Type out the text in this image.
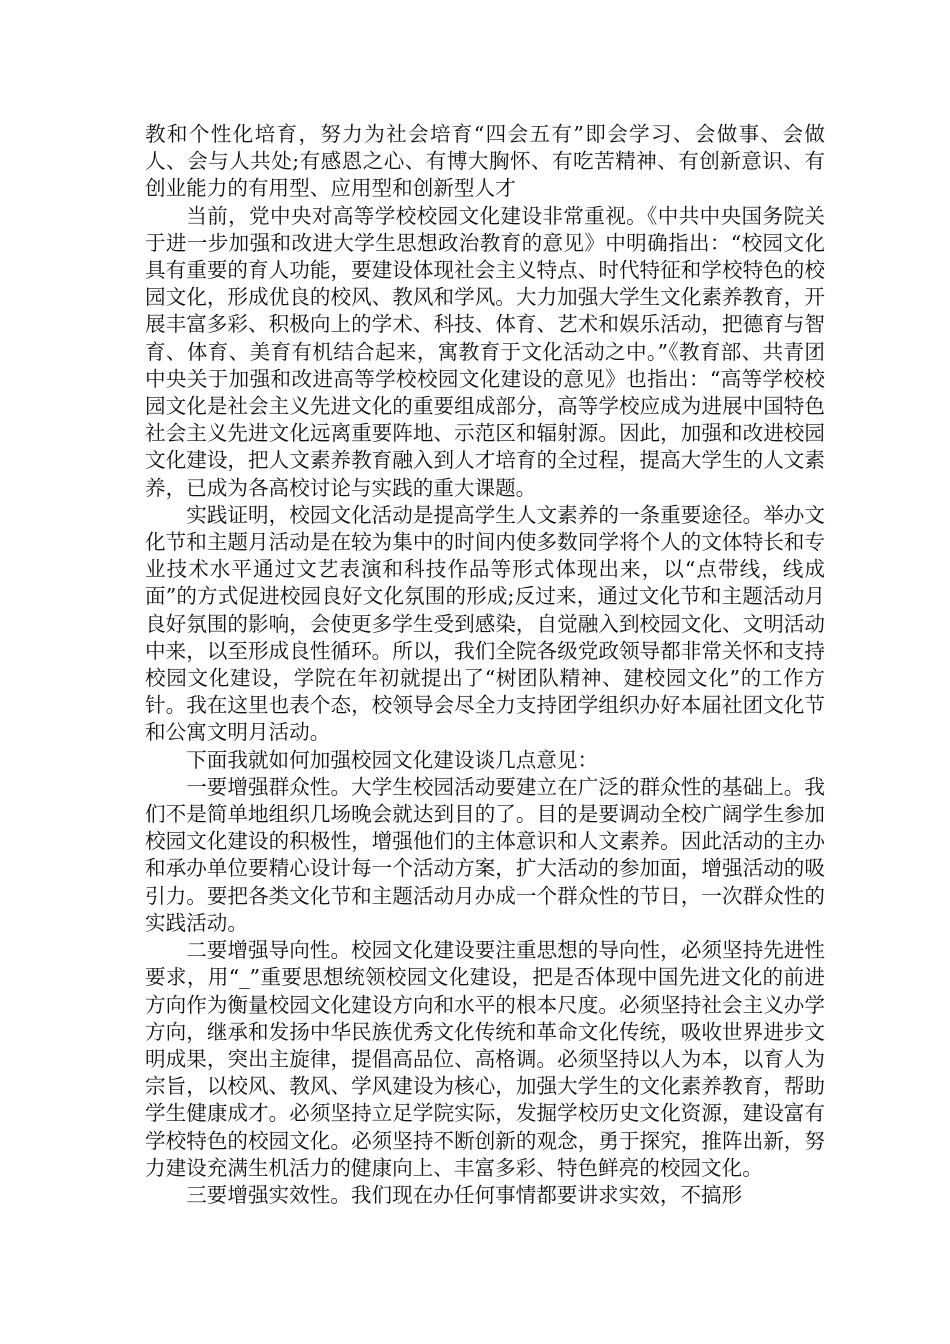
教和个性化培育，努力为社会培育“四会五有”即会学习、会做事、会做人、会与人共处;有感恩之心、有博大胸怀、有吃苦精神、有创新意识、有创业能力的有用型、应用型和创新型人才

当前，党中央对高等学校校园文化建设非常重视。《中共中央国务院关于进一步加强和改进大学生思想政治教育的意见》中明确指出：“校园文化具有重要的育人功能，要建设体现社会主义特点、时代特征和学校特色的校园文化，形成优良的校风、教风和学风。大力加强大学生文化素养教育，开展丰富多彩、积极向上的学术、科技、体育、艺术和娱乐活动，把德育与智育、体育、美育有机结合起来，寓教育于文化活动之中。”《教育部、共青团中央关于加强和改进高等学校校园文化建设的意见》也指出：“高等学校校园文化是社会主义先进文化的重要组成部分，高等学校应成为进展中国特色社会主义先进文化远离重要阵地、示范区和辐射源。因此，加强和改进校园文化建设，把人文素养教育融入到人才培育的全过程，提高大学生的人文素养，已成为各高校讨论与实践的重大课题。

实践证明，校园文化活动是提高学生人文素养的一条重要途径。举办文化节和主题月活动是在较为集中的时间内使多数同学将个人的文体特长和专业技术水平通过文艺表演和科技作品等形式体现出来，以“点带线，线成面”的方式促进校园良好文化氛围的形成;反过来，通过文化节和主题活动月良好氛围的影响，会使更多学生受到感染，自觉融入到校园文化、文明活动中来，以至形成良性循环。所以，我们全院各级党政领导都非常关怀和支持校园文化建设，学院在年初就提出了“树团队精神、建校园文化”的工作方针。我在这里也表个态，校领导会尽全力支持团学组织办好本届社团文化节和公寓文明月活动。

下面我就如何加强校园文化建设谈几点意见：

一要增强群众性。大学生校园活动要建立在广泛的群众性的基础上。我们不是简单地组织几场晚会就达到目的了。目的是要调动全校广阔学生参加校园文化建设的积极性，增强他们的主体意识和人文素养。因此活动的主办和承办单位要精心设计每一个活动方案，扩大活动的参加面，增强活动的吸引力。要把各类文化节和主题活动月办成一个群众性的节日，一次群众性的实践活动。

二要增强导向性。校园文化建设要注重思想的导向性，必须坚持先进性要求，用“_”重要思想统领校园文化建设，把是否体现中国先进文化的前进方向作为衡量校园文化建设方向和水平的根本尺度。必须坚持社会主义办学方向，继承和发扬中华民族优秀文化传统和革命文化传统，吸收世界进步文明成果，突出主旋律，提倡高品位、高格调。必须坚持以人为本，以育人为宗旨，以校风、教风、学风建设为核心，加强大学生的文化素养教育，帮助学生健康成才。必须坚持立足学院实际，发掘学校历史文化资源，建设富有学校特色的校园文化。必须坚持不断创新的观念，勇于探究，推阵出新，努力建设充满生机活力的健康向上、丰富多彩、特色鲜亮的校园文化。

三要增强实效性。我们现在办任何事情都要讲求实效，不搞形
